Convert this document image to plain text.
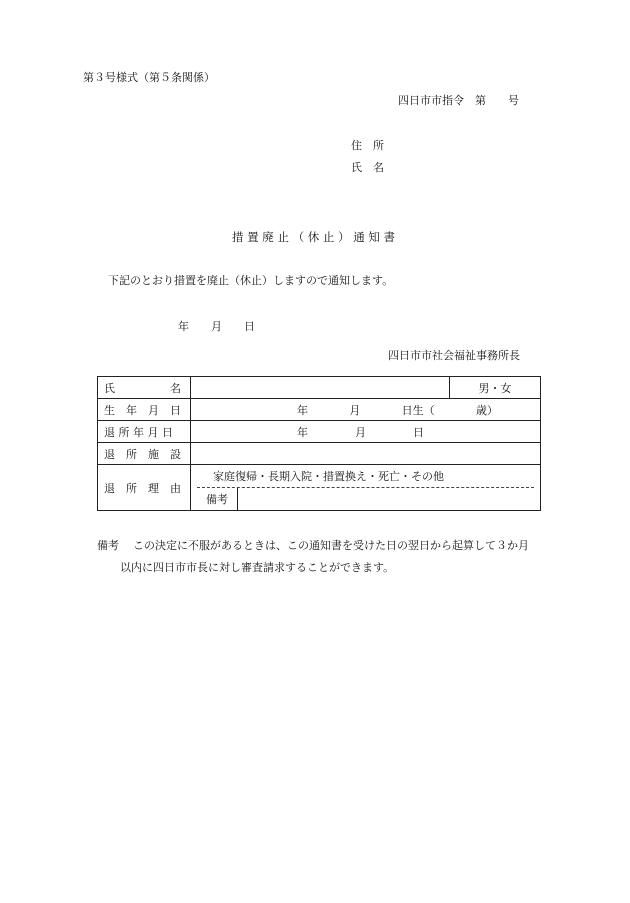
第３号様式（第５条関係）
四日市市指令　第　　号
住　所
氏　名
措 置 廃 止 （ 休 止 ） 通 知 書
下記のとおり措置を廃止（休止）しますので通知します。
年　　月　　日
四日市市社会福祉事務所長
氏　　　　　名		男・女
生　年　月　日	年 月 日生（ 歳）	

退 所 年 月 日	年 月 日	

退　所　施　設		
退　所　理　由	家庭復帰・長期入院・措置換え・死亡・その他
備考	
備考 この決定に不服があるときは、この通知書を受けた日の翌日から起算して３か月
以内に四日市市長に対し審査請求することができます。
